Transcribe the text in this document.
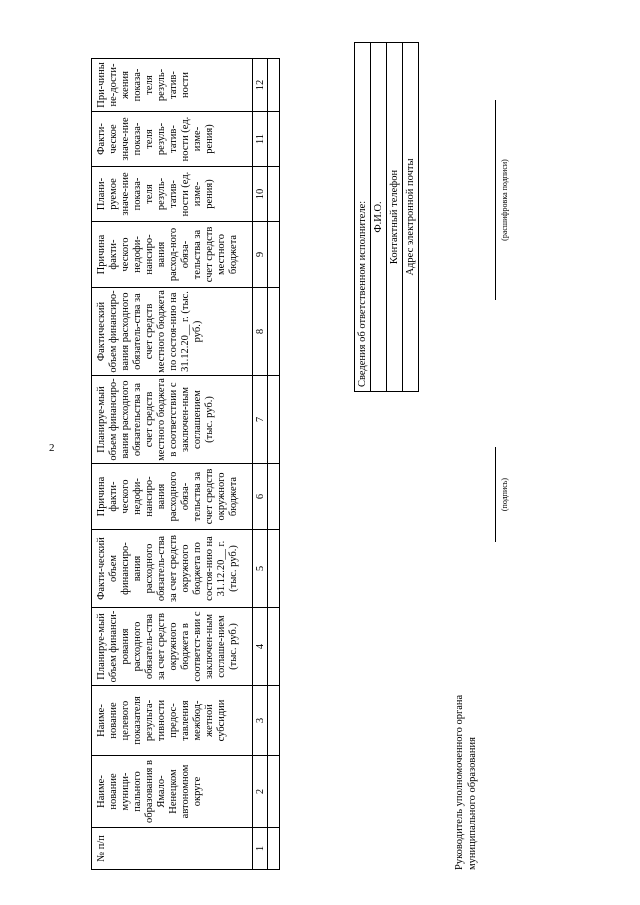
2
№ п/п	Наиме-нование муници-пального образования в Ямало-Ненецком автономном округе	Наиме-нование целевого показателя результа-тивности предос-тавления межбюд-жетной субсидии	Планируе-мый объем финанси-рования расходного обязатель-ства за счет средств окружного бюджета в соответст-вии с заключен-ным соглаше-нием (тыс. руб.)	Факти-ческий объем финансиро-вания расходного обязатель-ства за счет средств окружного бюджета по состоя-нию на 31.12.20__ г. (тыс. руб.)	Причина факти-ческого недофи-нансиро-вания расходного обяза-тельства за счет средств окружного бюджета	Планируе-мый объем финансиро-вания расходного обязательства за счет средств местного бюджета в соответствии с заключен-ным соглашением (тыс. руб.)	Фактический объем финансиро-вания расходного обязатель-ства за счет средств местного бюджета по состоя-нию на 31.12.20__ г. (тыс. руб.)	Причина факти-ческого недофи-нансиро-вания расход-ного обяза-тельства за счет средств местного бюджета	Плани-руемое значе-ние показа-теля резуль-татив-ности (ед. изме-рения)	Факти-ческое значе-ние показа-теля резуль-татив-ности (ед. изме-рения)	При-чины не-дости-жения показа-теля резуль-татив-ности
1	2	3	4	5	6	7	8	9	10	11	12

Сведения об ответственном исполнителе:
Ф.И.О.
Контактный телефон
Адрес электронной почты
Руководитель уполномоченного органа муниципального образования
(подпись)
(расшифровка подписи)
